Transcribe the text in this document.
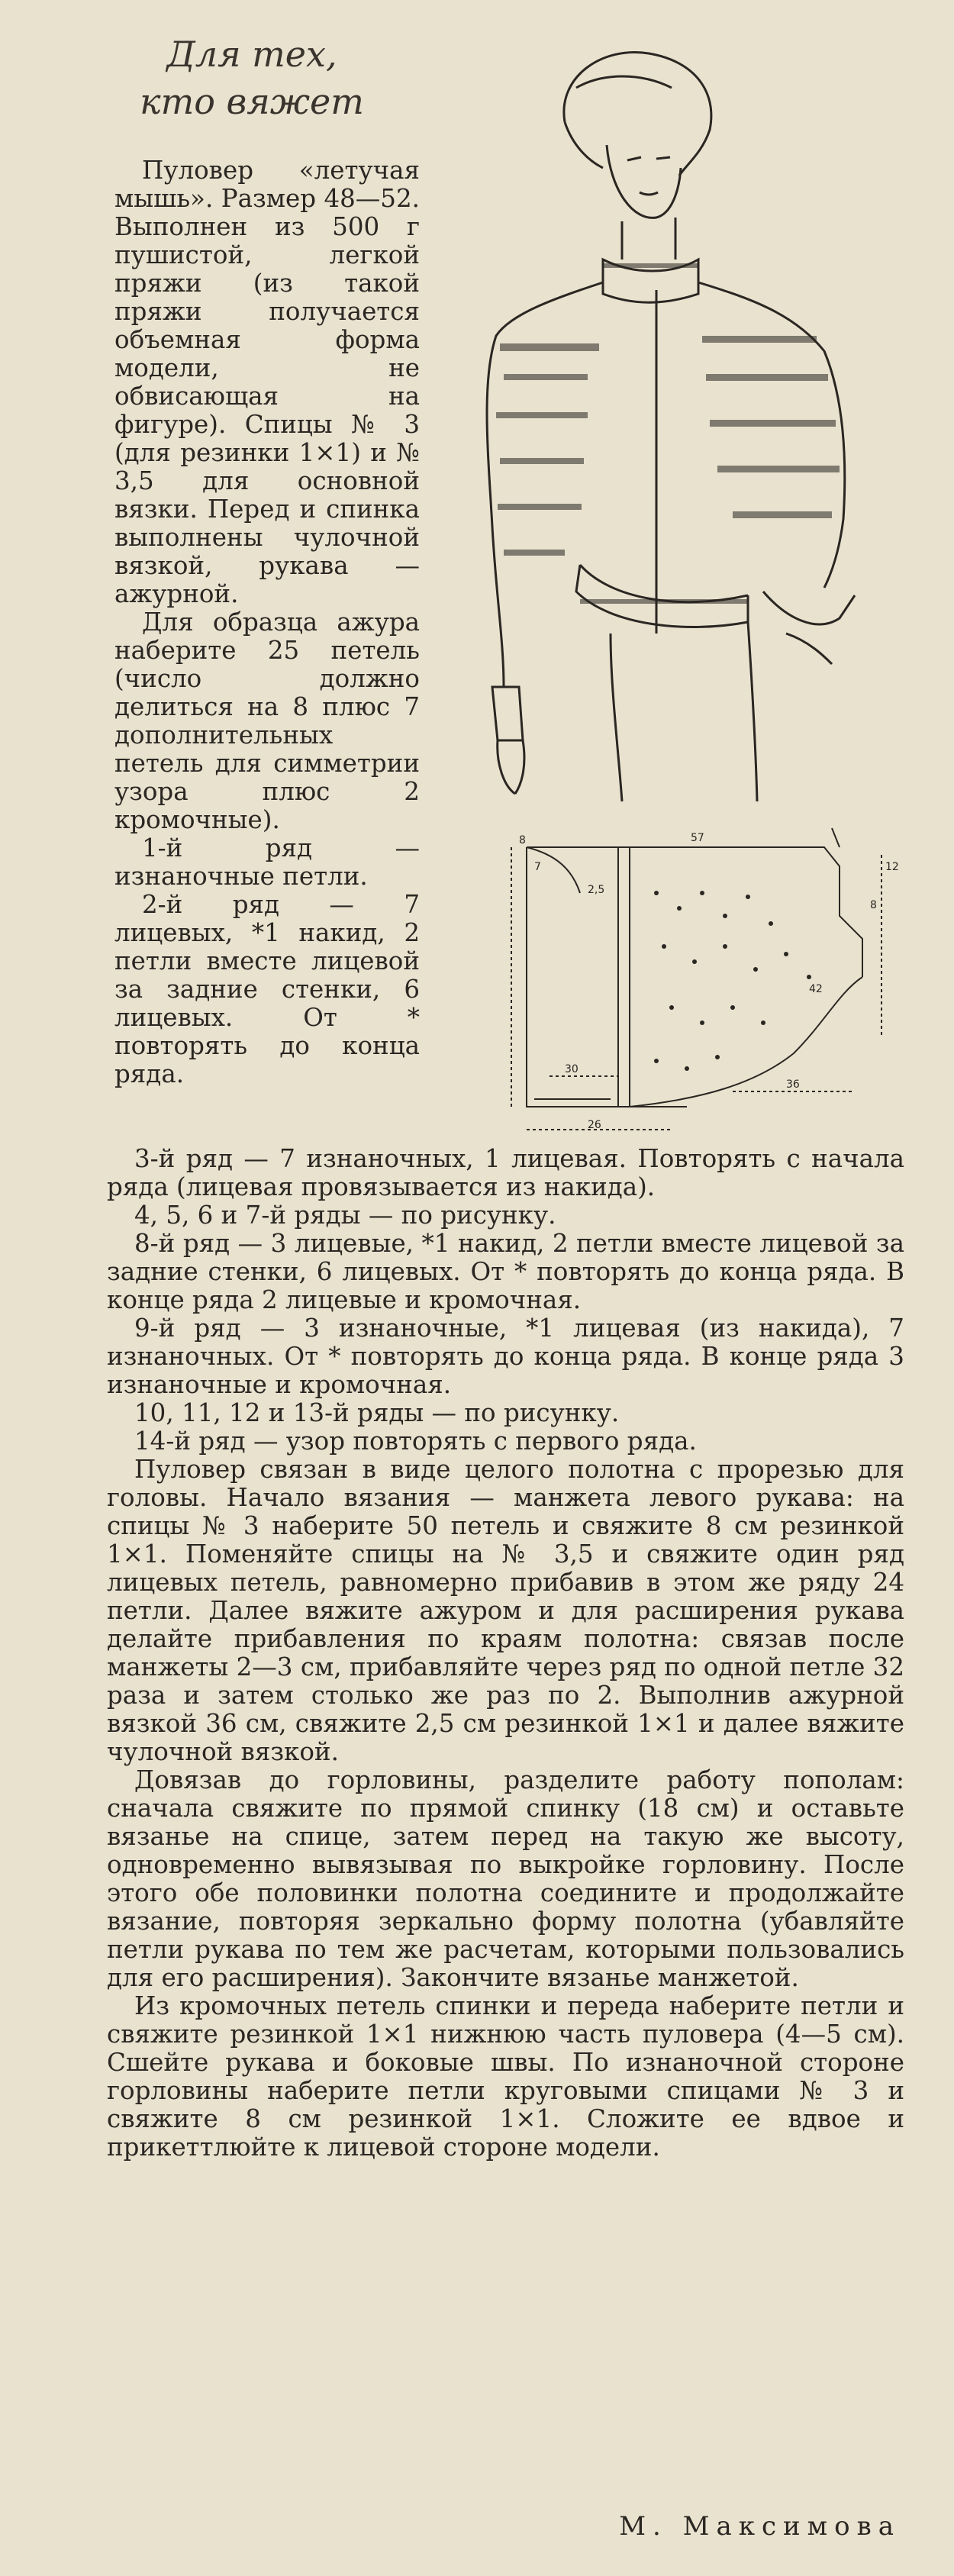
Для тех,
кто вяжет

Пуловер «летучая мышь». Размер 48—52. Выполнен из 500 г пушистой, легкой пряжи (из такой пряжи получается объемная форма модели, не обвисающая на фигуре). Спицы № 3 (для резинки 1×1) и № 3,5 для основной вязки. Перед и спинка выполнены чулочной вязкой, рукава — ажурной.

Для образца ажура наберите 25 петель (число должно делиться на 8 плюс 7 дополнительных петель для симметрии узора плюс 2 кромочные).

1-й ряд — изнаночные петли.

2-й ряд — 7 лицевых, *1 накид, 2 петли вместе лицевой за задние стенки, 6 лицевых. От * повторять до конца ряда.

57
2,5
42
30
36
26
8
8
12
7

3-й ряд — 7 изнаночных, 1 лицевая. Повторять с начала ряда (лицевая провязывается из накида).

4, 5, 6 и 7-й ряды — по рисунку.

8-й ряд — 3 лицевые, *1 накид, 2 петли вместе лицевой за задние стенки, 6 лицевых. От * повторять до конца ряда. В конце ряда 2 лицевые и кромочная.

9-й ряд — 3 изнаночные, *1 лицевая (из накида), 7 изнаночных. От * повторять до конца ряда. В конце ряда 3 изнаночные и кромочная.

10, 11, 12 и 13-й ряды — по рисунку.

14-й ряд — узор повторять с первого ряда.

Пуловер связан в виде целого полотна с прорезью для головы. Начало вязания — манжета левого рукава: на спицы № 3 наберите 50 петель и свяжите 8 см резинкой 1×1. Поменяйте спицы на № 3,5 и свяжите один ряд лицевых петель, равномерно прибавив в этом же ряду 24 петли. Далее вяжите ажуром и для расширения рукава делайте прибавления по краям полотна: связав после манжеты 2—3 см, прибавляйте через ряд по одной петле 32 раза и затем столько же раз по 2. Выполнив ажурной вязкой 36 см, свяжите 2,5 см резинкой 1×1 и далее вяжите чулочной вязкой.

Довязав до горловины, разделите работу пополам: сначала свяжите по прямой спинку (18 см) и оставьте вязанье на спице, затем перед на такую же высоту, одновременно вывязывая по выкройке горловину. После этого обе половинки полотна соедините и продолжайте вязание, повторяя зеркально форму полотна (убавляйте петли рукава по тем же расчетам, которыми пользовались для его расширения). Закончите вязанье манжетой.

Из кромочных петель спинки и переда наберите петли и свяжите резинкой 1×1 нижнюю часть пуловера (4—5 см). Сшейте рукава и боковые швы. По изнаночной стороне горловины наберите петли круговыми спицами № 3 и свяжите 8 см резинкой 1×1. Сложите ее вдвое и прикеттлюйте к лицевой стороне модели.

М. Максимова
